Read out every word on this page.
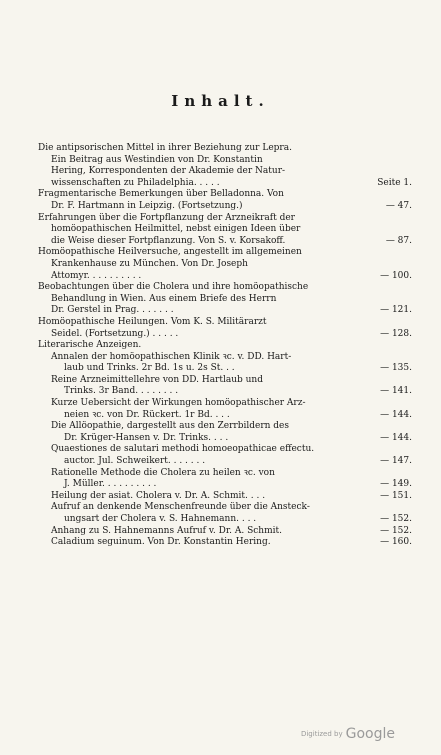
Inhalt.
Die antipsorischen Mittel in ihrer Beziehung zur Lepra.
Ein Beitrag aus Westindien von Dr. Konstantin
Hering, Korrespondenten der Akademie der Natur-
wissenschaften zu Philadelphia. . . . .	Seite 1.
Fragmentarische Bemerkungen über Belladonna. Von
Dr. F. Hartmann in Leipzig. (Fortsetzung.)	— 47.
Erfahrungen über die Fortpflanzung der Arzneikraft der
homöopathischen Heilmittel, nebst einigen Ideen über
die Weise dieser Fortpflanzung. Von S. v. Korsakoff.	— 87.
Homöopathische Heilversuche, angestellt im allgemeinen
Krankenhause zu München. Von Dr. Joseph
Attomyr. . . . . . . . . .	— 100.
Beobachtungen über die Cholera und ihre homöopathische
Behandlung in Wien. Aus einem Briefe des Herrn
Dr. Gerstel in Prag. . . . . . .	— 121.
Homöopathische Heilungen. Vom K. S. Militärarzt
Seidel. (Fortsetzung.) . . . . .	— 128.
Literarische Anzeigen.
Annalen der homöopathischen Klinik ꝛc. v. DD. Hart-
laub und Trinks. 2r Bd. 1s u. 2s St. . .	— 135.
Reine Arzneimittellehre von DD. Hartlaub und
Trinks. 3r Band. . . . . . . .	— 141.
Kurze Uebersicht der Wirkungen homöopathischer Arz-
neien ꝛc. von Dr. Rückert. 1r Bd. . . .	— 144.
Die Allöopathie, dargestellt aus den Zerrbildern des
Dr. Krüger-Hansen v. Dr. Trinks. . . .	— 144.
Quaestiones de salutari methodi homoeopathicae effectu.
auctor. Jul. Schweikert. . . . . . .	— 147.
Rationelle Methode die Cholera zu heilen ꝛc. von
J. Müller. . . . . . . . . .	— 149.
Heilung der asiat. Cholera v. Dr. A. Schmit. . . .	— 151.
Aufruf an denkende Menschenfreunde über die Ansteck-
ungsart der Cholera v. S. Hahnemann. . . .	— 152.
Anhang zu S. Hahnemanns Aufruf v. Dr. A. Schmit.	— 152.
Caladium seguinum. Von Dr. Konstantin Hering.	— 160.
Digitized by Google
